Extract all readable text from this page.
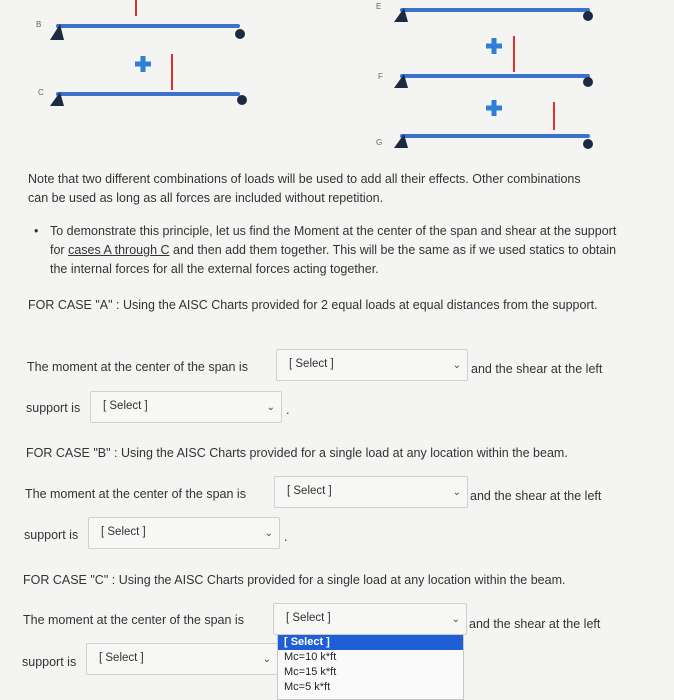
B
C
E
F
G
Note that two different combinations of loads will be used to add all their effects. Other combinations can be used as long as all forces are included without repetition.
• To demonstrate this principle, let us find the Moment at the center of the span and shear at the support for cases A through C and then add them together. This will be the same as if we used statics to obtain the internal forces for all the external forces acting together.
FOR CASE "A" : Using the AISC Charts provided for 2 equal loads at equal distances from the support.
The moment at the center of the span is	[ Select ]	⌄ and the shear at the left
support is [ Select ]	⌄ .
FOR CASE "B" : Using the AISC Charts provided for a single load at any location within the beam.
The moment at the center of the span is	[ Select ]	⌄ and the shear at the left
support is [ Select ]	⌄ .
FOR CASE "C" : Using the AISC Charts provided for a single load at any location within the beam.
The moment at the center of the span is	[ Select ]	⌄ and the shear at the left
support is [ Select ]	⌄
[ Select ]
Mc=10 k*ft
Mc=15 k*ft
Mc=5 k*ft
